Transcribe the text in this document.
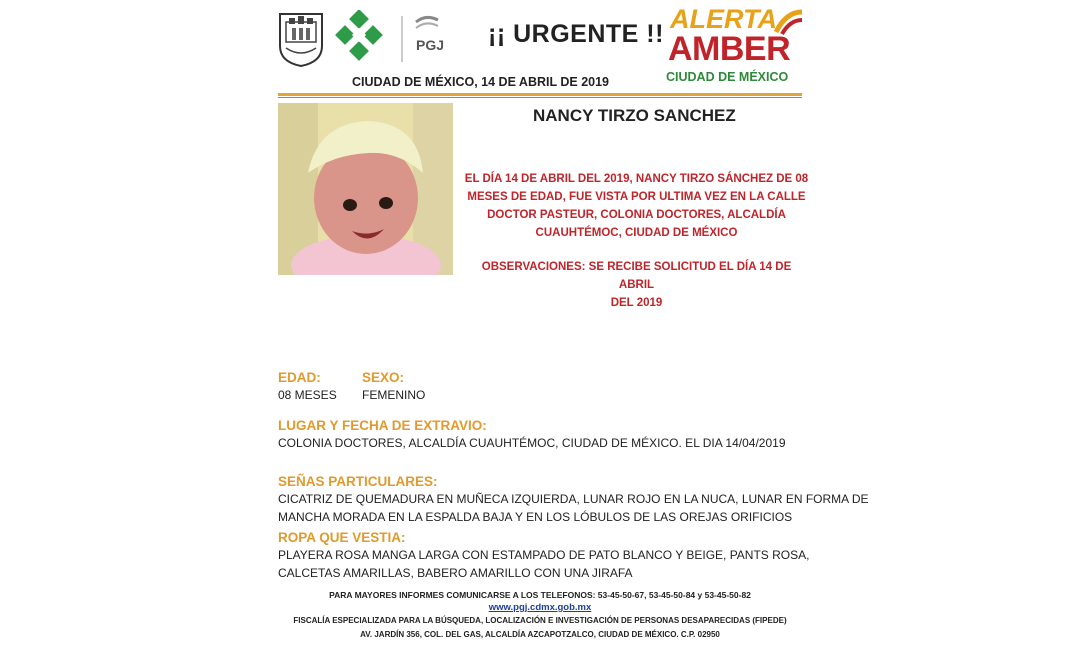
PGJ ¡¡ URGENTE !! ALERTA
AMBER
CIUDAD DE MÉXICO
CIUDAD DE MÉXICO, 14 DE ABRIL DE 2019
NANCY TIRZO SANCHEZ
EL DÍA 14 DE ABRIL DEL 2019, NANCY TIRZO SÁNCHEZ DE 08
MESES DE EDAD, FUE VISTA POR ULTIMA VEZ EN LA CALLE
DOCTOR PASTEUR, COLONIA DOCTORES, ALCALDÍA
CUAUHTÉMOC, CIUDAD DE MÉXICO
OBSERVACIONES: SE RECIBE SOLICITUD EL DÍA 14 DE ABRIL
DEL 2019
EDAD:
08 MESES
SEXO:
FEMENINO
LUGAR Y FECHA DE EXTRAVIO:
COLONIA DOCTORES, ALCALDÍA CUAUHTÉMOC, CIUDAD DE MÉXICO. EL DIA 14/04/2019
SEÑAS PARTICULARES:
CICATRIZ DE QUEMADURA EN MUÑECA IZQUIERDA, LUNAR ROJO EN LA NUCA, LUNAR EN FORMA DE
MANCHA MORADA EN LA ESPALDA BAJA Y EN LOS LÓBULOS DE LAS OREJAS ORIFICIOS
ROPA QUE VESTIA:
PLAYERA ROSA MANGA LARGA CON ESTAMPADO DE PATO BLANCO Y BEIGE, PANTS ROSA,
CALCETAS AMARILLAS, BABERO AMARILLO CON UNA JIRAFA
PARA MAYORES INFORMES COMUNICARSE A LOS TELEFONOS: 53-45-50-67, 53-45-50-84 y 53-45-50-82
www.pgj.cdmx.gob.mx
FISCALÍA ESPECIALIZADA PARA LA BÚSQUEDA, LOCALIZACIÓN E INVESTIGACIÓN DE PERSONAS DESAPARECIDAS (FIPEDE)
AV. JARDÍN 356, COL. DEL GAS, ALCALDÍA AZCAPOTZALCO, CIUDAD DE MÉXICO. C.P. 02950
